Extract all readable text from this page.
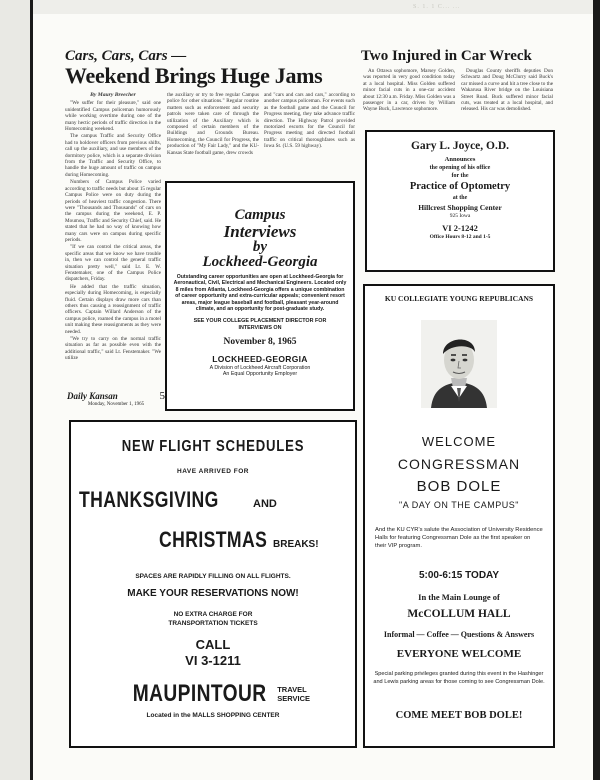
S. 1. 1 C... ...
Cars, Cars, Cars —
Weekend Brings Huge Jams
By Maury Breecher

"We suffer for their pleasure," said one unidentified Campus policeman humorously while working overtime during one of the many hectic periods of traffic direction in the Homecoming weekend.

The campus Traffic and Security Office had to holdover officers from previous shifts, call up the auxiliary, and use members of the dormitory police, which is a separate division from the Traffic and Security Office, to handle the huge amount of traffic on campus during Homecoming.

Numbers of Campus Police varied according to traffic needs but about 15 regular Campus Police were on duty during the periods of heaviest traffic congestion. There were "Thousands and Thousands" of cars on the campus during the weekend, E. P. Moumou, Traffic and Security Chief, said. He stated that he had no way of knowing how many cars were on campus during specific periods.

"If we can control the critical areas, the specific areas that we know we have trouble in, then we can control the general traffic situation pretty well," said Lt. E. W. Fenstemaker, one of the Campus Police dispatchers, Friday.

He added that the traffic situation, especially during Homecoming, is especially fluid. Certain displays draw more cars than others thus causing a reassignment of traffic officers. Captain Willard Anderson of the campus police, roamed the campus in a motel unit making these reassignments as they were needed.

"We try to carry on the normal traffic situation as far as possible even with the additional traffic," said Lt. Fenstemaker. "We utilize

the auxiliary or try to free regular Campus police for other situations." Regular routine matters such as enforcement and security patrols were taken care of through the utilization of the Auxiliary which is composed of certain members of the Buildings and Grounds Bureau. Homecoming, the Council for Progress, the production of "My Fair Lady," and the KU-Kansas State football game, drew crowds

and "cars and cars and cars," according to another campus policeman. For events such as the football game and the Council for Progress meeting, they take advance traffic direction. The Highway Patrol provided motorized escorts for the Council for Progress meeting and directed football traffic on critical thoroughfares such as Iowa St. (U.S. 59 highway).

Daily Kansan	5
Monday, November 1, 1965
Two Injured in Car Wreck

An Ottawa sophomore, Marsey Golden, was reported in very good condition today at a local hospital. Miss Golden suffered minor facial cuts in a one-car accident about 12:30 a.m. Friday. Miss Golden was a passenger in a car, driven by William Wayne Buck, Lawrence sophomore.

Douglas County sheriffs deputies Don Schwartz and Doug McClurry said Buck's car missed a curve and hit a tree close to the Wakarusa River bridge on the Louisiana Street Road. Buck suffered minor facial cuts, was treated at a local hospital, and released. His car was demolished.

Campus
Interviews
by
Lockheed-Georgia
Outstanding career opportunities are open at Lockheed-Georgia for Aeronautical, Civil, Electrical and Mechanical Engineers. Located only 8 miles from Atlanta, Lockheed-Georgia offers a unique combination of career opportunity and extra-curricular appeals; convenient resort areas, major league baseball and football, pleasant year-around climate, and an opportunity for post-graduate study.
SEE YOUR COLLEGE PLACEMENT DIRECTOR FOR INTERVIEWS ON
November 8, 1965
LOCKHEED-GEORGIA
A Division of Lockheed Aircraft Corporation
An Equal Opportunity Employer
Gary L. Joyce, O.D.
Announces
the opening of his office
for the
Practice of Optometry
at the
Hillcrest Shopping Center
925 Iowa
VI 2-1242
Office Hours 8-12 and 1-5
NEW FLIGHT SCHEDULES
HAVE ARRIVED FOR
THANKSGIVING	AND
CHRISTMAS BREAKS!
SPACES ARE RAPIDLY FILLING ON ALL FLIGHTS.
MAKE YOUR RESERVATIONS NOW!
NO EXTRA CHARGE FOR
TRANSPORTATION TICKETS
CALL
VI 3-1211
MAUPINTOUR TRAVEL
SERVICE
Located in the MALLS SHOPPING CENTER
KU COLLEGIATE YOUNG REPUBLICANS
WELCOME
CONGRESSMAN
BOB DOLE
"A DAY ON THE CAMPUS"
And the KU CYR's salute the Association of University Residence Halls for featuring Congressman Dole as the first speaker on their VIP program.
5:00-6:15 TODAY
In the Main Lounge of
McCOLLUM HALL
Informal — Coffee — Questions & Answers
EVERYONE WELCOME
Special parking privileges granted during this event in the Hashinger and Lewis parking areas for those coming to see Congressman Dole.
COME MEET BOB DOLE!
